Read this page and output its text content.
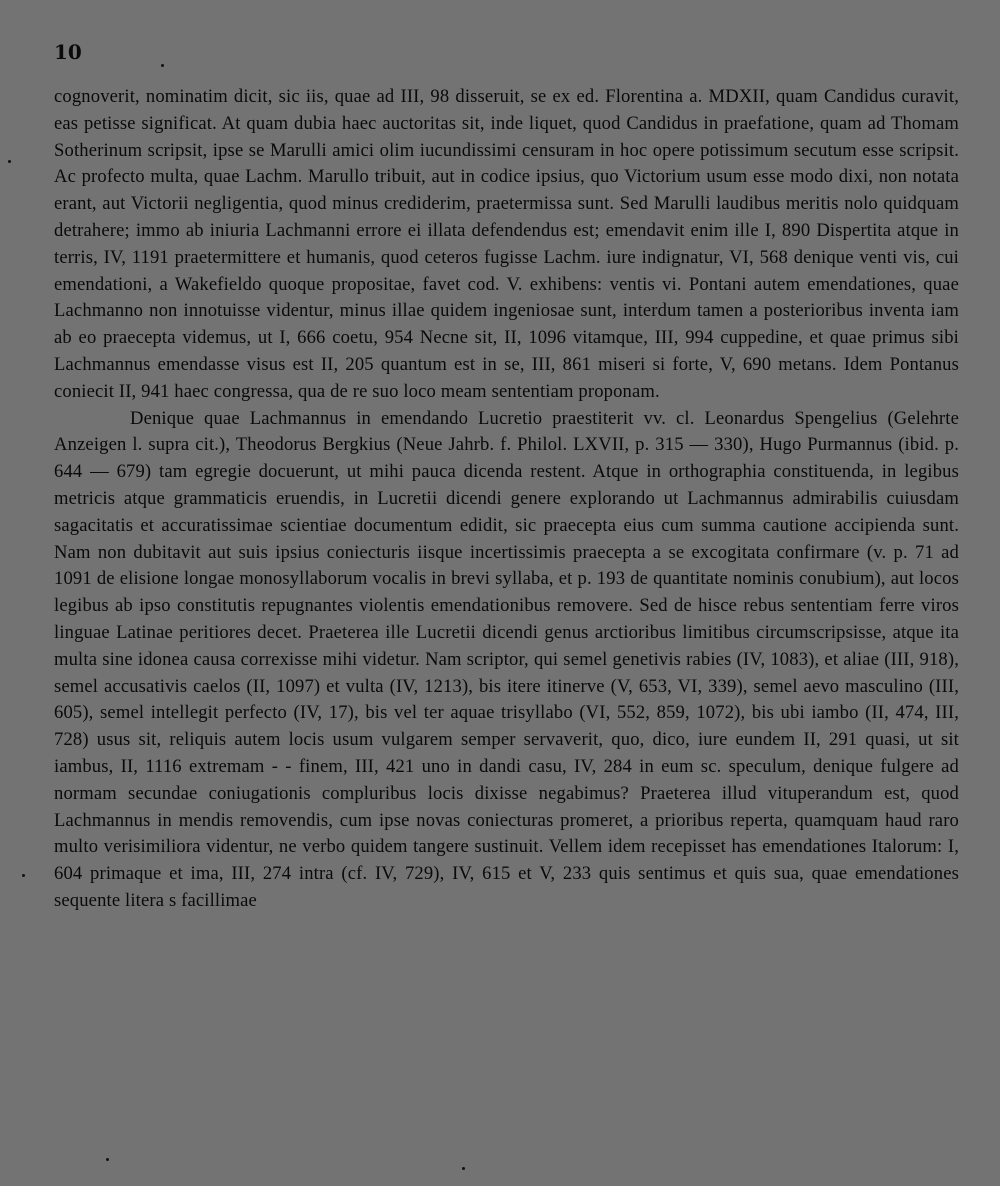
10

cognoverit, nominatim dicit, sic iis, quae ad III, 98 disseruit, se ex ed. Florentina a. MDXII, quam Candidus curavit, eas petisse significat. At quam dubia haec auctoritas sit, inde liquet, quod Candidus in praefatione, quam ad Thomam Sotherinum scripsit, ipse se Marulli amici olim iucundissimi censuram in hoc opere potissimum secutum esse scripsit. Ac profecto multa, quae Lachm. Marullo tribuit, aut in codice ipsius, quo Victorium usum esse modo dixi, non notata erant, aut Victorii negligentia, quod minus crediderim, praetermissa sunt. Sed Marulli laudibus meritis nolo quidquam detrahere; immo ab iniuria Lachmanni errore ei illata defendendus est; emendavit enim ille I, 890 Dispertita atque in terris, IV, 1191 praetermittere et humanis, quod ceteros fugisse Lachm. iure indignatur, VI, 568 denique venti vis, cui emendationi, a Wakefieldo quoque propositae, favet cod. V. exhibens: ventis vi. Pontani autem emendationes, quae Lachmanno non innotuisse videntur, minus illae quidem ingeniosae sunt, interdum tamen a posterioribus inventa iam ab eo praecepta videmus, ut I, 666 coetu, 954 Necne sit, II, 1096 vitamque, III, 994 cuppedine, et quae primus sibi Lachmannus emendasse visus est II, 205 quantum est in se, III, 861 miseri si forte, V, 690 metans. Idem Pontanus coniecit II, 941 haec congressa, qua de re suo loco meam sententiam proponam.

Denique quae Lachmannus in emendando Lucretio praestiterit vv. cl. Leonardus Spengelius (Gelehrte Anzeigen l. supra cit.), Theodorus Bergkius (Neue Jahrb. f. Philol. LXVII, p. 315 — 330), Hugo Purmannus (ibid. p. 644 — 679) tam egregie docuerunt, ut mihi pauca dicenda restent. Atque in orthographia constituenda, in legibus metricis atque grammaticis eruendis, in Lucretii dicendi genere explorando ut Lachmannus admirabilis cuiusdam sagacitatis et accuratissimae scientiae documentum edidit, sic praecepta eius cum summa cautione accipienda sunt. Nam non dubitavit aut suis ipsius coniecturis iisque incertissimis praecepta a se excogitata confirmare (v. p. 71 ad 1091 de elisione longae monosyllaborum vocalis in brevi syllaba, et p. 193 de quantitate nominis conubium), aut locos legibus ab ipso constitutis repugnantes violentis emendationibus removere. Sed de hisce rebus sententiam ferre viros linguae Latinae peritiores decet. Praeterea ille Lucretii dicendi genus arctioribus limitibus circumscripsisse, atque ita multa sine idonea causa correxisse mihi videtur. Nam scriptor, qui semel genetivis rabies (IV, 1083), et aliae (III, 918), semel accusativis caelos (II, 1097) et vulta (IV, 1213), bis itere itinerve (V, 653, VI, 339), semel aevo masculino (III, 605), semel intellegit perfecto (IV, 17), bis vel ter aquae trisyllabo (VI, 552, 859, 1072), bis ubi iambo (II, 474, III, 728) usus sit, reliquis autem locis usum vulgarem semper servaverit, quo, dico, iure eundem II, 291 quasi, ut sit iambus, II, 1116 extremam - - finem, III, 421 uno in dandi casu, IV, 284 in eum sc. speculum, denique fulgere ad normam secundae coniugationis compluribus locis dixisse negabimus? Praeterea illud vituperandum est, quod Lachmannus in mendis removendis, cum ipse novas coniecturas promeret, a prioribus reperta, quamquam haud raro multo verisimiliora videntur, ne verbo quidem tangere sustinuit. Vellem idem recepisset has emendationes Italorum: I, 604 primaque et ima, III, 274 intra (cf. IV, 729), IV, 615 et V, 233 quis sentimus et quis sua, quae emendationes sequente litera s facillimae
